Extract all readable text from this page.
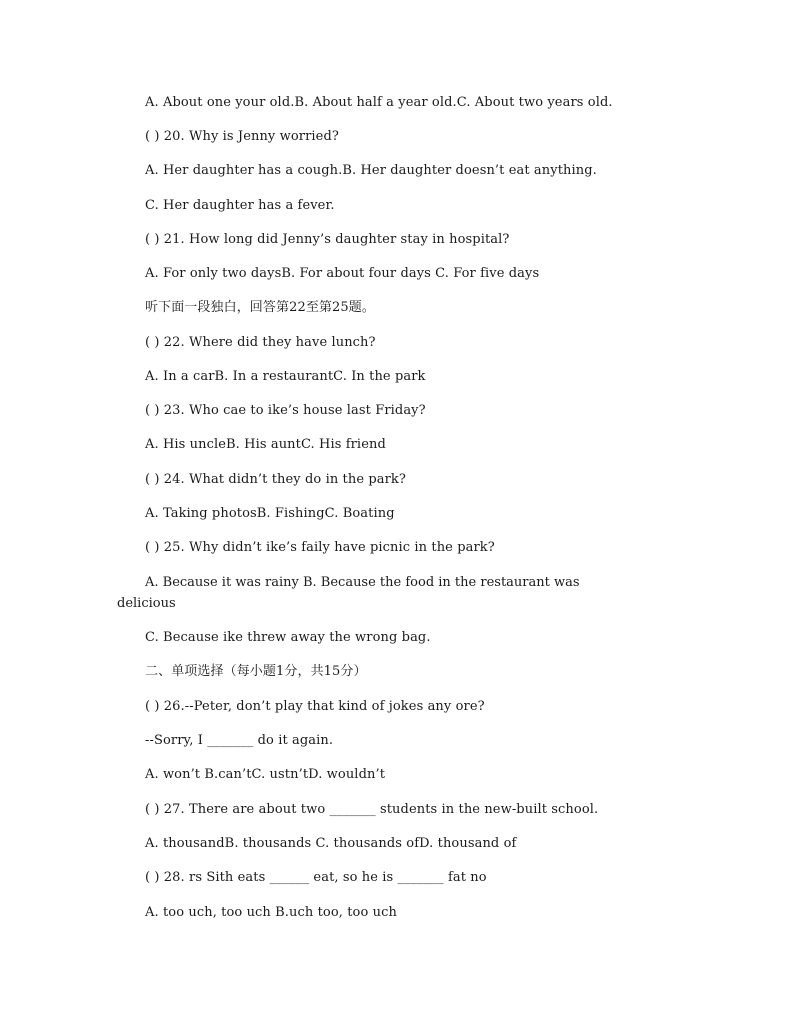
A. About one your old.B. About half a year old.C. About two years old.
( ) 20. Why is Jenny worried?
A. Her daughter has a cough.B. Her daughter doesn’t eat anything.
C. Her daughter has a fever.
( ) 21. How long did Jenny’s daughter stay in hospital?
A. For only two daysB. For about four days C. For five days
听下面一段独白，回答第22至第25题。
( ) 22. Where did they have lunch?
A. In a carB. In a restaurantC. In the park
( ) 23. Who cae to ike’s house last Friday?
A. His uncleB. His auntC. His friend
( ) 24. What didn’t they do in the park?
A. Taking photosB. FishingC. Boating
( ) 25. Why didn’t ike’s faily have picnic in the park?
A. Because it was rainy B. Because the food in the restaurant was
delicious
C. Because ike threw away the wrong bag.
二、单项选择（每小题1分，共15分）
( ) 26.--Peter, don’t play that kind of jokes any ore?
--Sorry, I _______ do it again.
A. won’t B.can’tC. ustn’tD. wouldn’t
( ) 27. There are about two _______ students in the new-built school.
A. thousandB. thousands C. thousands ofD. thousand of
( ) 28. rs Sith eats ______ eat, so he is _______ fat no
A. too uch, too uch B.uch too, too uch
